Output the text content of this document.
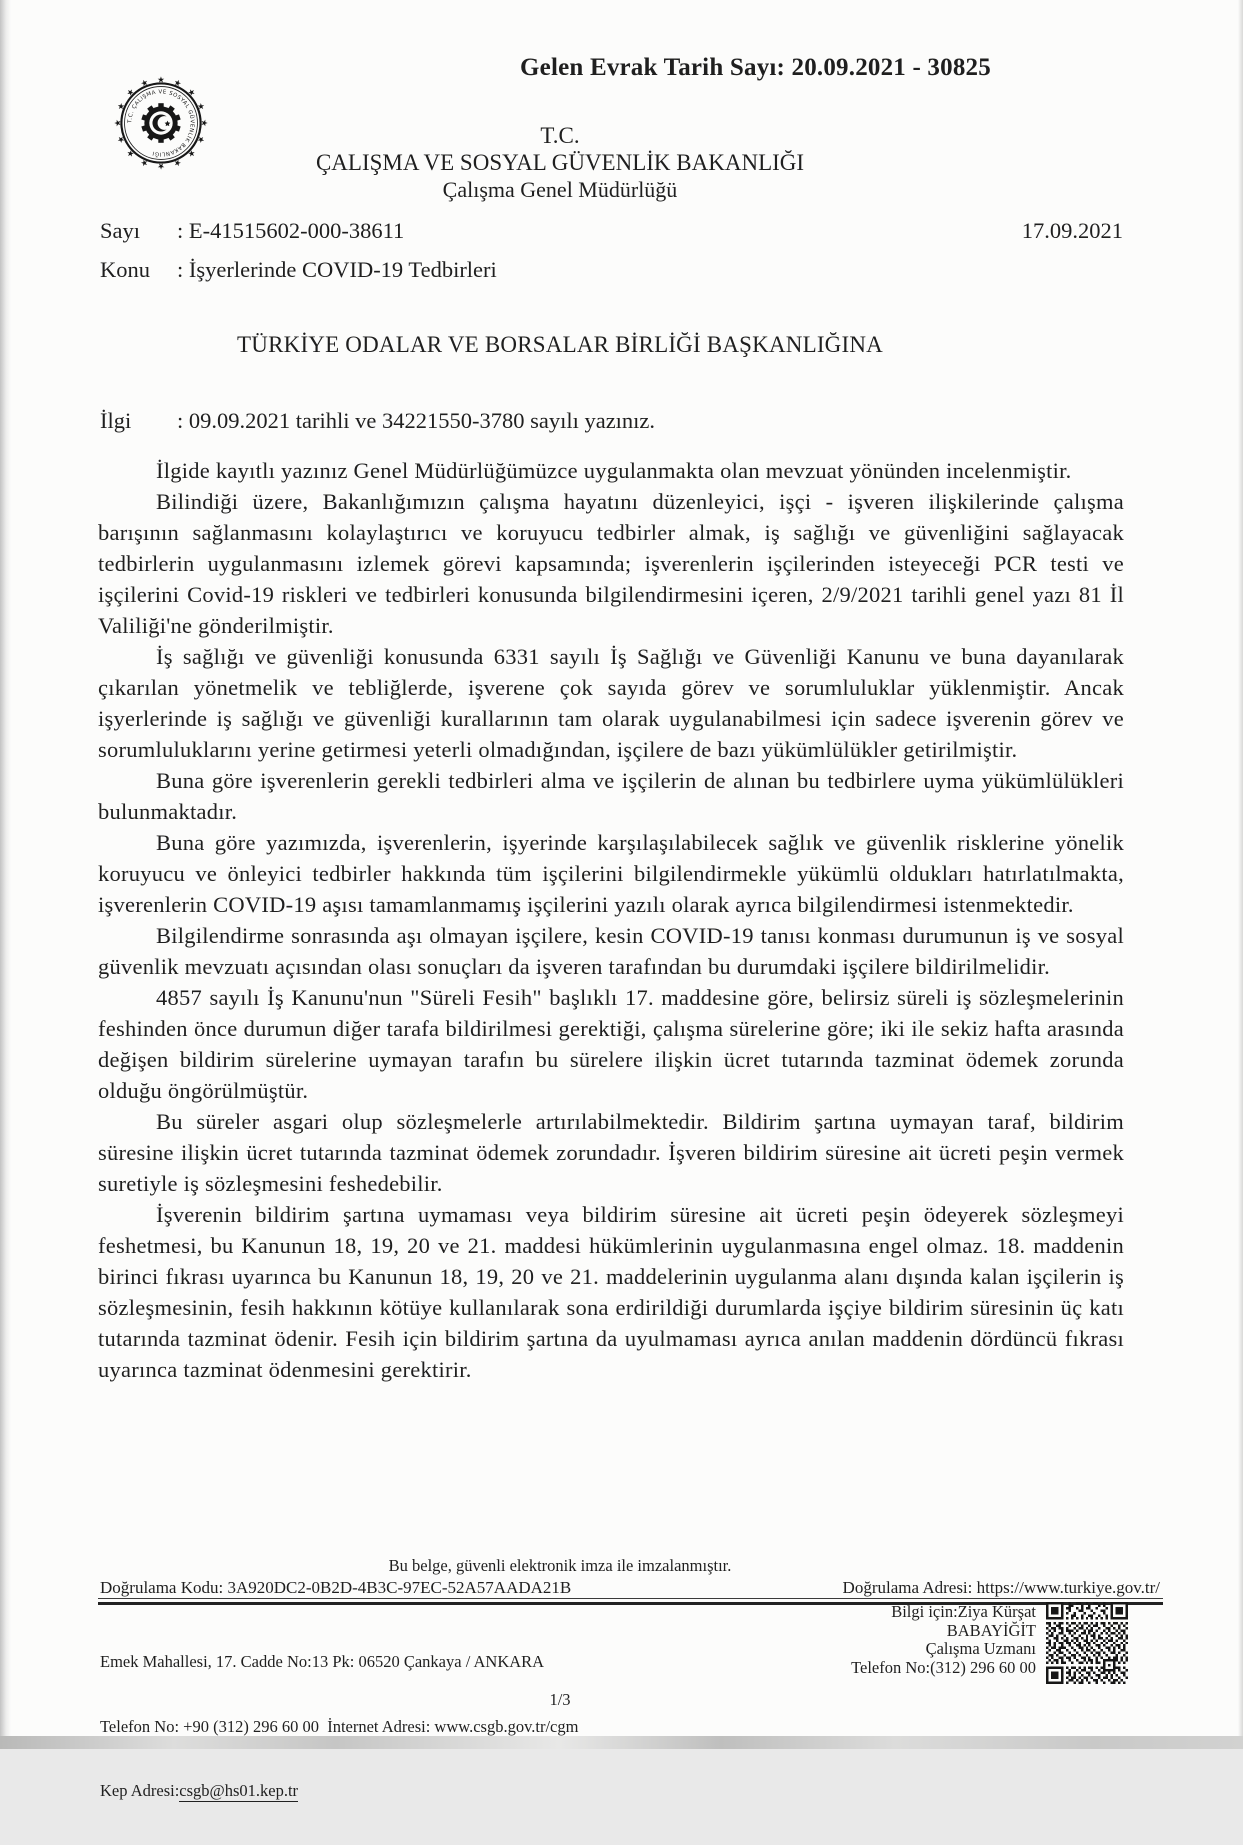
T.C. ÇALIŞMA VE SOSYAL GÜVENLİK BAKANLIĞI
Gelen Evrak Tarih Sayı: 20.09.2021 - 30825
T.C.
ÇALIŞMA VE SOSYAL GÜVENLİK BAKANLIĞI
Çalışma Genel Müdürlüğü
Sayı : E-41515602-000-38611
Konu : İşyerlerinde COVID-19 Tedbirleri
17.09.2021
TÜRKİYE ODALAR VE BORSALAR BİRLİĞİ BAŞKANLIĞINA
İlgi : 09.09.2021 tarihli ve 34221550-3780 sayılı yazınız.

İlgide kayıtlı yazınız Genel Müdürlüğümüzce uygulanmakta olan mevzuat yönünden incelenmiştir.

Bilindiği üzere, Bakanlığımızın çalışma hayatını düzenleyici, işçi - işveren ilişkilerinde çalışma barışının sağlanmasını kolaylaştırıcı ve koruyucu tedbirler almak, iş sağlığı ve güvenliğini sağlayacak tedbirlerin uygulanmasını izlemek görevi kapsamında; işverenlerin işçilerinden isteyeceği PCR testi ve işçilerini Covid-19 riskleri ve tedbirleri konusunda bilgilendirmesini içeren, 2/9/2021 tarihli genel yazı 81 İl Valiliği'ne gönderilmiştir.

İş sağlığı ve güvenliği konusunda 6331 sayılı İş Sağlığı ve Güvenliği Kanunu ve buna dayanılarak çıkarılan yönetmelik ve tebliğlerde, işverene çok sayıda görev ve sorumluluklar yüklenmiştir. Ancak işyerlerinde iş sağlığı ve güvenliği kurallarının tam olarak uygulanabilmesi için sadece işverenin görev ve sorumluluklarını yerine getirmesi yeterli olmadığından, işçilere de bazı yükümlülükler getirilmiştir.

Buna göre işverenlerin gerekli tedbirleri alma ve işçilerin de alınan bu tedbirlere uyma yükümlülükleri bulunmaktadır.

Buna göre yazımızda, işverenlerin, işyerinde karşılaşılabilecek sağlık ve güvenlik risklerine yönelik koruyucu ve önleyici tedbirler hakkında tüm işçilerini bilgilendirmekle yükümlü oldukları hatırlatılmakta, işverenlerin COVID-19 aşısı tamamlanmamış işçilerini yazılı olarak ayrıca bilgilendirmesi istenmektedir.

Bilgilendirme sonrasında aşı olmayan işçilere, kesin COVID-19 tanısı konması durumunun iş ve sosyal güvenlik mevzuatı açısından olası sonuçları da işveren tarafından bu durumdaki işçilere bildirilmelidir.

4857 sayılı İş Kanunu'nun "Süreli Fesih" başlıklı 17. maddesine göre, belirsiz süreli iş sözleşmelerinin feshinden önce durumun diğer tarafa bildirilmesi gerektiği, çalışma sürelerine göre; iki ile sekiz hafta arasında değişen bildirim sürelerine uymayan tarafın bu sürelere ilişkin ücret tutarında tazminat ödemek zorunda olduğu öngörülmüştür.

Bu süreler asgari olup sözleşmelerle artırılabilmektedir. Bildirim şartına uymayan taraf, bildirim süresine ilişkin ücret tutarında tazminat ödemek zorundadır. İşveren bildirim süresine ait ücreti peşin vermek suretiyle iş sözleşmesini feshedebilir.

İşverenin bildirim şartına uymaması veya bildirim süresine ait ücreti peşin ödeyerek sözleşmeyi feshetmesi, bu Kanunun 18, 19, 20 ve 21. maddesi hükümlerinin uygulanmasına engel olmaz. 18. maddenin birinci fıkrası uyarınca bu Kanunun 18, 19, 20 ve 21. maddelerinin uygulanma alanı dışında kalan işçilerin iş sözleşmesinin, fesih hakkının kötüye kullanılarak sona erdirildiği durumlarda işçiye bildirim süresinin üç katı tutarında tazminat ödenir. Fesih için bildirim şartına da uyulmaması ayrıca anılan maddenin dördüncü fıkrası uyarınca tazminat ödenmesini gerektirir.

Bu belge, güvenli elektronik imza ile imzalanmıştır.
Doğrulama Adresi: https://www.turkiye.gov.tr/
Doğrulama Kodu: 3A920DC2-0B2D-4B3C-97EC-52A57AADA21B

Emek Mahallesi, 17. Cadde No:13 Pk: 06520 Çankaya / ANKARA

Telefon No: +90 (312) 296 60 00  İnternet Adresi: www.csgb.gov.tr/cgm

Kep Adresi:csgb@hs01.kep.tr

Bilgi için:Ziya Kürşat
BABAYİĞİT
Çalışma Uzmanı
Telefon No:(312) 296 60 00
1/3
